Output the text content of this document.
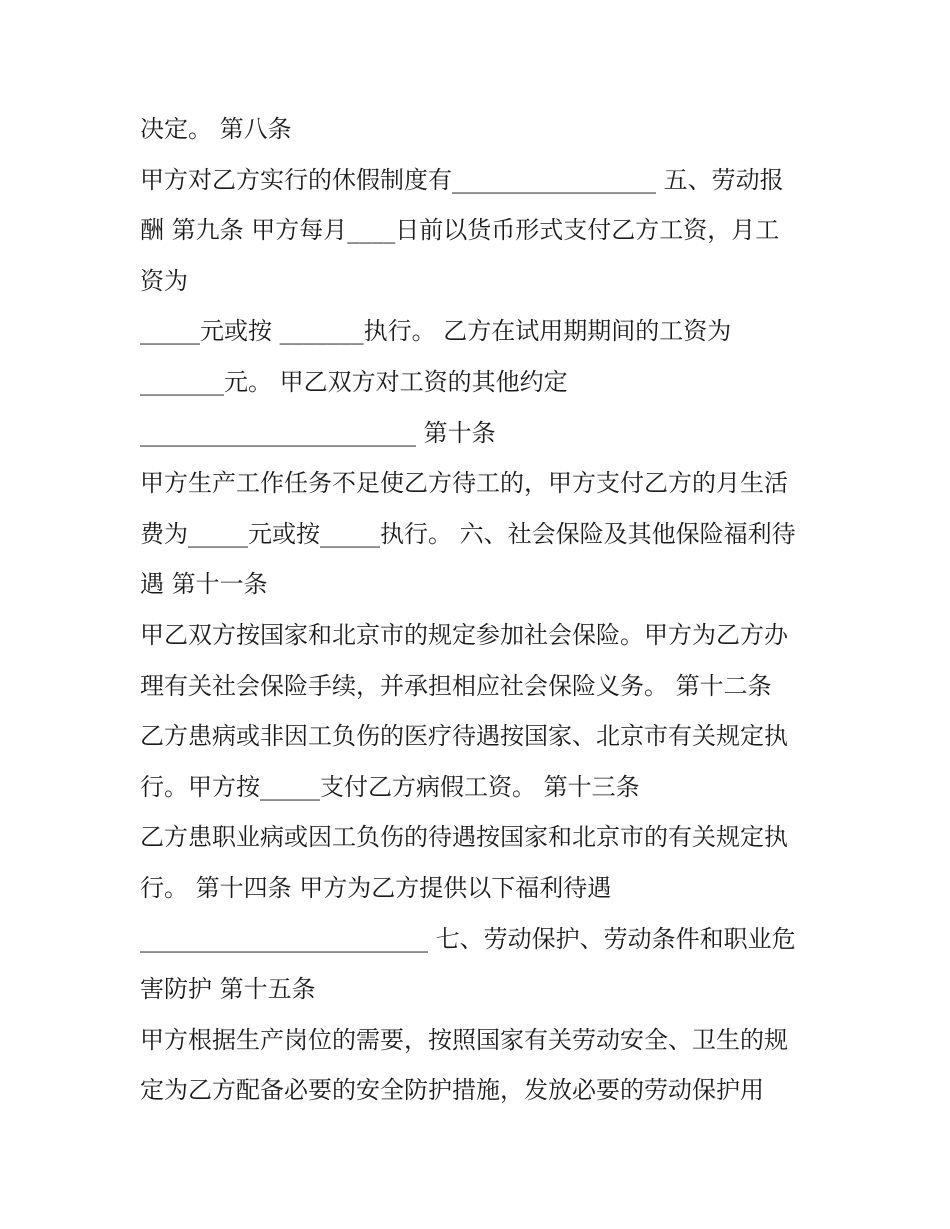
决定。 第八条
甲方对乙方实行的休假制度有_________________ 五、劳动报
酬 第九条 甲方每月____日前以货币形式支付乙方工资，月工
资为
_____元或按 _______执行。 乙方在试用期期间的工资为
_______元。 甲乙双方对工资的其他约定
_______________________ 第十条
甲方生产工作任务不足使乙方待工的，甲方支付乙方的月生活
费为_____元或按_____执行。 六、社会保险及其他保险福利待
遇 第十一条
甲乙双方按国家和北京市的规定参加社会保险。甲方为乙方办
理有关社会保险手续，并承担相应社会保险义务。 第十二条
乙方患病或非因工负伤的医疗待遇按国家、北京市有关规定执
行。甲方按_____支付乙方病假工资。 第十三条
乙方患职业病或因工负伤的待遇按国家和北京市的有关规定执
行。 第十四条 甲方为乙方提供以下福利待遇
________________________ 七、劳动保护、劳动条件和职业危
害防护 第十五条
甲方根据生产岗位的需要，按照国家有关劳动安全、卫生的规
定为乙方配备必要的安全防护措施，发放必要的劳动保护用
